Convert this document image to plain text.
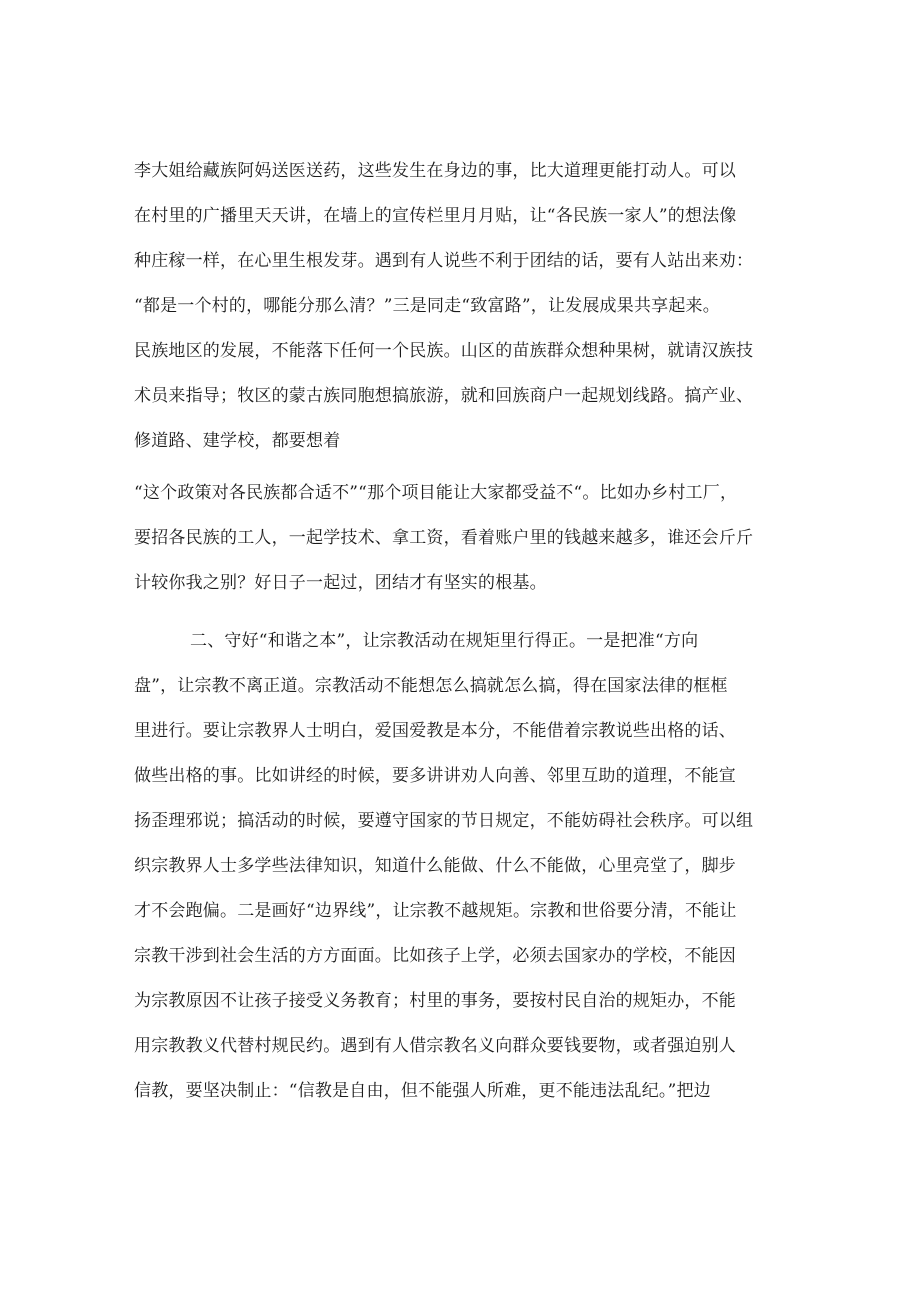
李大姐给藏族阿妈送医送药，这些发生在身边的事，比大道理更能打动人。可以
在村里的广播里天天讲，在墙上的宣传栏里月月贴，让“各民族一家人”的想法像
种庄稼一样，在心里生根发芽。遇到有人说些不利于团结的话，要有人站出来劝：
“都是一个村的，哪能分那么清？”三是同走“致富路”，让发展成果共享起来。
民族地区的发展，不能落下任何一个民族。山区的苗族群众想种果树，就请汉族技
术员来指导；牧区的蒙古族同胞想搞旅游，就和回族商户一起规划线路。搞产业、
修道路、建学校，都要想着
“这个政策对各民族都合适不”“那个项目能让大家都受益不“。比如办乡村工厂，
要招各民族的工人，一起学技术、拿工资，看着账户里的钱越来越多，谁还会斤斤
计较你我之别？好日子一起过，团结才有坚实的根基。
二、守好“和谐之本”，让宗教活动在规矩里行得正。一是把准“方向
盘”，让宗教不离正道。宗教活动不能想怎么搞就怎么搞，得在国家法律的框框
里进行。要让宗教界人士明白，爱国爱教是本分，不能借着宗教说些出格的话、
做些出格的事。比如讲经的时候，要多讲讲劝人向善、邻里互助的道理，不能宣
扬歪理邪说；搞活动的时候，要遵守国家的节日规定，不能妨碍社会秩序。可以组
织宗教界人士多学些法律知识，知道什么能做、什么不能做，心里亮堂了，脚步
才不会跑偏。二是画好“边界线”，让宗教不越规矩。宗教和世俗要分清，不能让
宗教干涉到社会生活的方方面面。比如孩子上学，必须去国家办的学校，不能因
为宗教原因不让孩子接受义务教育；村里的事务，要按村民自治的规矩办，不能
用宗教教义代替村规民约。遇到有人借宗教名义向群众要钱要物，或者强迫别人
信教，要坚决制止：“信教是自由，但不能强人所难，更不能违法乱纪。”把边
